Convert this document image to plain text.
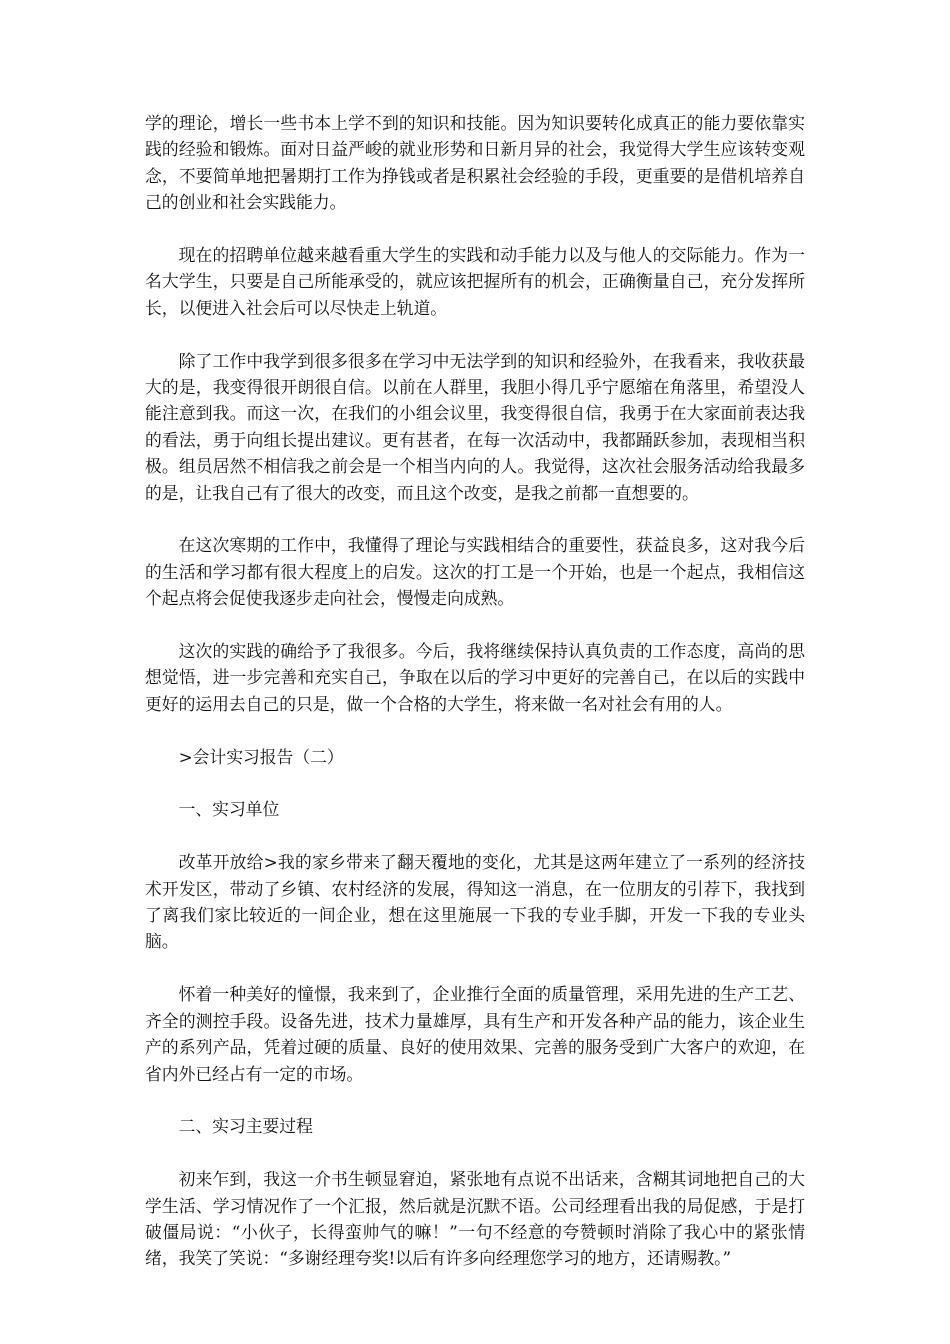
学的理论，增长一些书本上学不到的知识和技能。因为知识要转化成真正的能力要依靠实践的经验和锻炼。面对日益严峻的就业形势和日新月异的社会，我觉得大学生应该转变观念，不要简单地把暑期打工作为挣钱或者是积累社会经验的手段，更重要的是借机培养自己的创业和社会实践能力。

现在的招聘单位越来越看重大学生的实践和动手能力以及与他人的交际能力。作为一名大学生，只要是自己所能承受的，就应该把握所有的机会，正确衡量自己，充分发挥所长，以便进入社会后可以尽快走上轨道。

除了工作中我学到很多很多在学习中无法学到的知识和经验外，在我看来，我收获最大的是，我变得很开朗很自信。以前在人群里，我胆小得几乎宁愿缩在角落里，希望没人能注意到我。而这一次，在我们的小组会议里，我变得很自信，我勇于在大家面前表达我的看法，勇于向组长提出建议。更有甚者，在每一次活动中，我都踊跃参加，表现相当积极。组员居然不相信我之前会是一个相当内向的人。我觉得，这次社会服务活动给我最多的是，让我自己有了很大的改变，而且这个改变，是我之前都一直想要的。

在这次寒期的工作中，我懂得了理论与实践相结合的重要性，获益良多，这对我今后的生活和学习都有很大程度上的启发。这次的打工是一个开始，也是一个起点，我相信这个起点将会促使我逐步走向社会，慢慢走向成熟。

这次的实践的确给予了我很多。今后，我将继续保持认真负责的工作态度，高尚的思想觉悟，进一步完善和充实自己，争取在以后的学习中更好的完善自己，在以后的实践中更好的运用去自己的只是，做一个合格的大学生，将来做一名对社会有用的人。

>会计实习报告（二）

一、实习单位

改革开放给>我的家乡带来了翻天覆地的变化，尤其是这两年建立了一系列的经济技术开发区，带动了乡镇、农村经济的发展，得知这一消息，在一位朋友的引荐下，我找到了离我们家比较近的一间企业，想在这里施展一下我的专业手脚，开发一下我的专业头脑。

怀着一种美好的憧憬，我来到了，企业推行全面的质量管理，采用先进的生产工艺、齐全的测控手段。设备先进，技术力量雄厚，具有生产和开发各种产品的能力，该企业生产的系列产品，凭着过硬的质量、良好的使用效果、完善的服务受到广大客户的欢迎，在省内外已经占有一定的市场。

二、实习主要过程

初来乍到，我这一介书生顿显窘迫，紧张地有点说不出话来，含糊其词地把自己的大学生活、学习情况作了一个汇报，然后就是沉默不语。公司经理看出我的局促感，于是打破僵局说：“小伙子，长得蛮帅气的嘛！”一句不经意的夸赞顿时消除了我心中的紧张情绪，我笑了笑说：“多谢经理夸奖!以后有许多向经理您学习的地方，还请赐教。”
